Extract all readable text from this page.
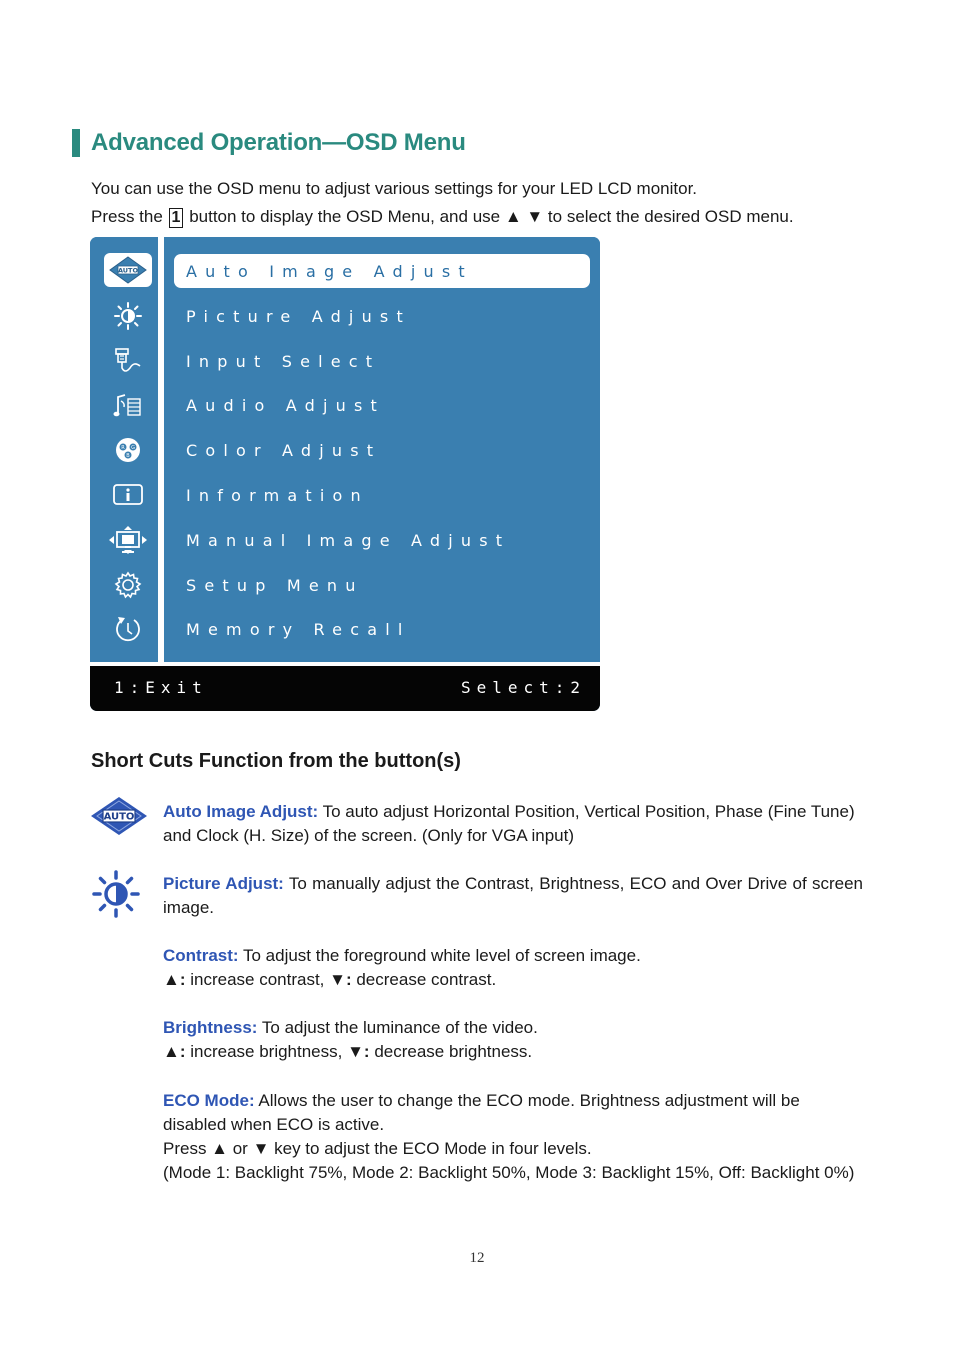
Advanced Operation—OSD Menu
You can use the OSD menu to adjust various settings for your LED LCD monitor.
Press the 1 button to display the OSD Menu, and use ▲ ▼ to select the desired OSD menu.
AUTO
R G
B
Auto Image Adjust
Picture Adjust
Input Select
Audio Adjust
Color Adjust
Information
Manual Image Adjust
Setup Menu
Memory Recall
1:Exit	Select:2
Short Cuts Function from the button(s)
AUTO Auto Image Adjust: To auto adjust Horizontal Position, Vertical Position, Phase (Fine Tune) and Clock (H. Size) of the screen. (Only for VGA input)
Picture Adjust: To manually adjust the Contrast, Brightness, ECO and Over Drive of screen image.
Contrast: To adjust the foreground white level of screen image.
▲: increase contrast, ▼: decrease contrast.
Brightness: To adjust the luminance of the video.
▲: increase brightness, ▼: decrease brightness.
ECO Mode: Allows the user to change the ECO mode. Brightness adjustment will be disabled when ECO is active.
Press ▲ or ▼ key to adjust the ECO Mode in four levels.
(Mode 1: Backlight 75%, Mode 2: Backlight 50%, Mode 3: Backlight 15%, Off: Backlight 0%)
12
